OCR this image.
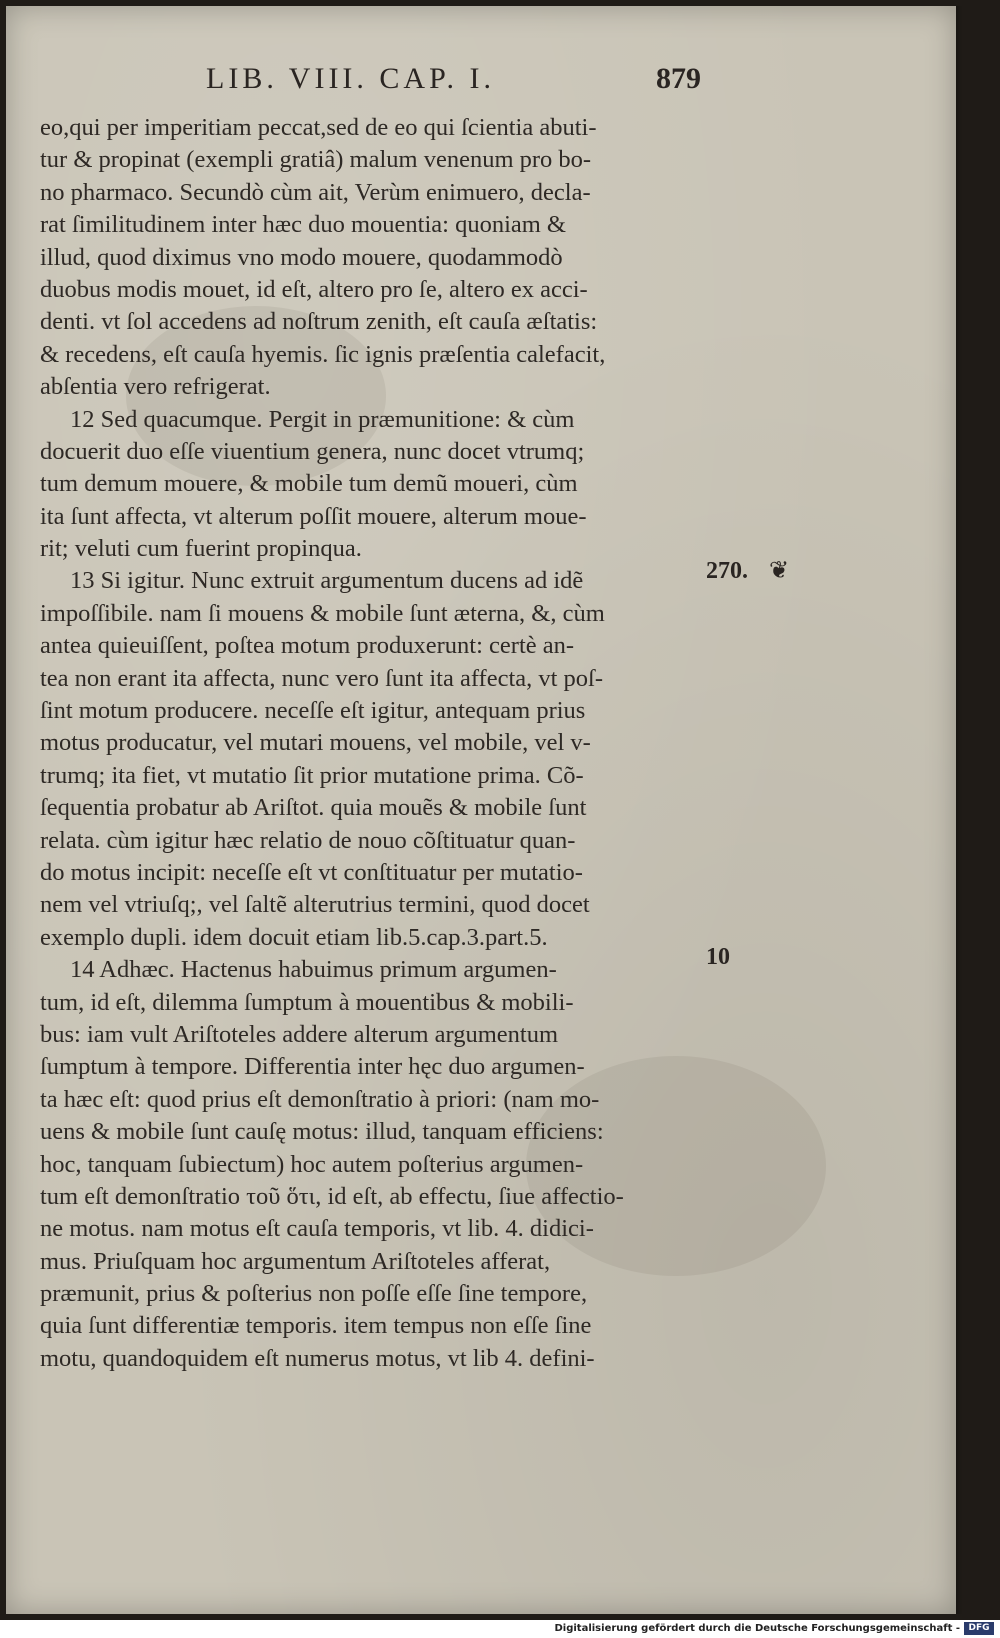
LIB. VIII. CAP. I.	879
eo,qui per imperitiam peccat,sed de eo qui ſcientia abuti-
tur & propinat (exempli gratiâ) malum venenum pro bo-
no pharmaco. Secundò cùm ait, Verùm enimuero, decla-
rat ſimilitudinem inter hæc duo mouentia: quoniam &
illud, quod diximus vno modo mouere, quodammodò
duobus modis mouet, id eſt, altero pro ſe, altero ex acci-
denti. vt ſol accedens ad noſtrum zenith, eſt cauſa æſtatis:
& recedens, eſt cauſa hyemis. ſic ignis præſentia calefacit,
abſentia vero refrigerat.
12 Sed quacumque. Pergit in præmunitione: & cùm
docuerit duo eſſe viuentium genera, nunc docet vtrumq;
tum demum mouere, & mobile tum demũ moueri, cùm
ita ſunt affecta, vt alterum poſſit mouere, alterum moue-
rit; veluti cum fuerint propinqua.
13 Si igitur. Nunc extruit argumentum ducens ad idẽ
impoſſibile. nam ſi mouens & mobile ſunt æterna, &, cùm
antea quieuiſſent, poſtea motum produxerunt: certè an-
tea non erant ita affecta, nunc vero ſunt ita affecta, vt poſ-
ſint motum producere. neceſſe eſt igitur, antequam prius
motus producatur, vel mutari mouens, vel mobile, vel v-
trumq; ita fiet, vt mutatio ſit prior mutatione prima. Cõ-
ſequentia probatur ab Ariſtot. quia mouẽs & mobile ſunt
relata. cùm igitur hæc relatio de nouo cõſtituatur quan-
do motus incipit: neceſſe eſt vt conſtituatur per mutatio-
nem vel vtriuſq;, vel ſaltẽ alterutrius termini, quod docet
exemplo dupli. idem docuit etiam lib.5.cap.3.part.5.
14 Adhæc. Hactenus habuimus primum argumen-
tum, id eſt, dilemma ſumptum à mouentibus & mobili-
bus: iam vult Ariſtoteles addere alterum argumentum
ſumptum à tempore. Differentia inter hęc duo argumen-
ta hæc eſt: quod prius eſt demonſtratio à priori: (nam mo-
uens & mobile ſunt cauſę motus: illud, tanquam efficiens:
hoc, tanquam ſubiectum) hoc autem poſterius argumen-
tum eſt demonſtratio τοῦ ὅτι, id eſt, ab effectu, ſiue affectio-
ne motus. nam motus eſt cauſa temporis, vt lib. 4. didici-
mus. Priuſquam hoc argumentum Ariſtoteles afferat,
præmunit, prius & poſterius non poſſe eſſe ſine tempore,
quia ſunt differentiæ temporis. item tempus non eſſe ſine
motu, quandoquidem eſt numerus motus, vt lib 4. defini-
270. ❦
10
Digitalisierung gefördert durch die Deutsche Forschungsgemeinschaft - DFG
